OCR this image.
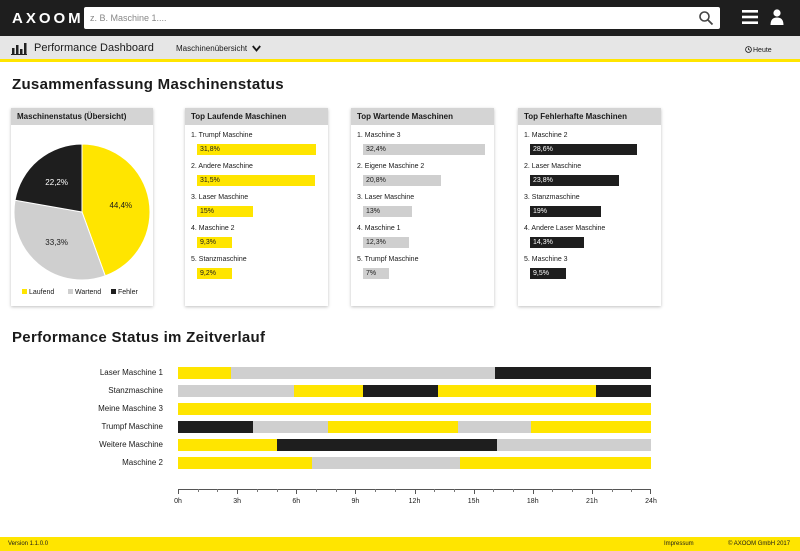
AXOOM
z. B. Maschine 1....
Performance Dashboard	Maschinenübersicht	Heute
Zusammenfassung Maschinenstatus
Maschinenstatus (Übersicht)
44,4%
33,3%
22,2%
Laufend	Wartend	Fehler
Top Laufende Maschinen
1. Trumpf Maschine
31,8%
2. Andere Maschine
31,5%
3. Laser Maschine
15%
4. Maschine 2
9,3%
5. Stanzmaschine
9,2%
Top Wartende Maschinen
1. Maschine 3
32,4%
2. Eigene Maschine 2
20,8%
3. Laser Maschine
13%
4. Maschine 1
12,3%
5. Trumpf Maschine
7%
Top Fehlerhafte Maschinen
1. Maschine 2
28,6%
2. Laser Maschine
23,8%
3. Stanzmaschine
19%
4. Andere Laser Maschine
14,3%
5. Maschine 3
9,5%
Performance Status im Zeitverlauf
Laser Maschine 1
Stanzmaschine
Meine Maschine 3
Trumpf Maschine
Weitere Maschine
Maschine 2
0h	3h	6h	9h	12h	15h	18h	21h	24h
Version 1.1.0.0	Impressum	© AXOOM GmbH 2017
